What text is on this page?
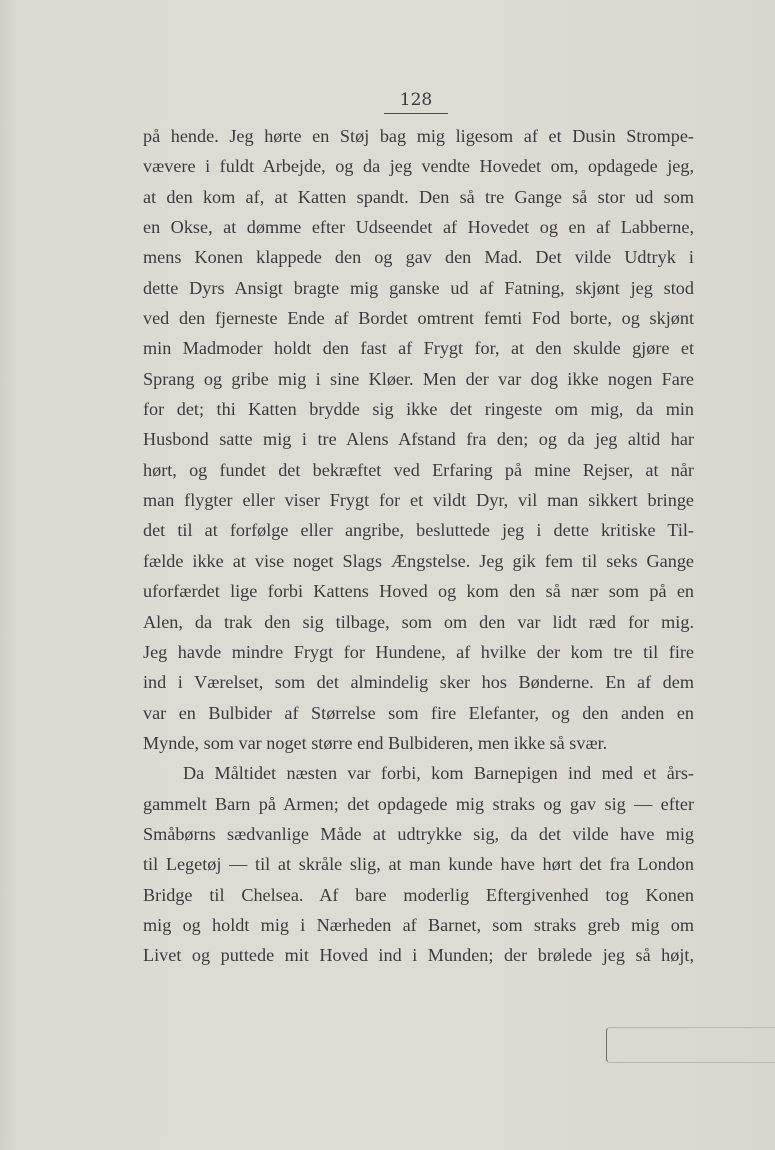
128
på hende. Jeg hørte en Støj bag mig ligesom af et Dusin Strompe-
vævere i fuldt Arbejde, og da jeg vendte Hovedet om, opdagede jeg,
at den kom af, at Katten spandt. Den så tre Gange så stor ud som
en Okse, at dømme efter Udseendet af Hovedet og en af Labberne,
mens Konen klappede den og gav den Mad. Det vilde Udtryk i
dette Dyrs Ansigt bragte mig ganske ud af Fatning, skjønt jeg stod
ved den fjerneste Ende af Bordet omtrent femti Fod borte, og skjønt
min Madmoder holdt den fast af Frygt for, at den skulde gjøre et
Sprang og gribe mig i sine Kløer. Men der var dog ikke nogen Fare
for det; thi Katten brydde sig ikke det ringeste om mig, da min
Husbond satte mig i tre Alens Afstand fra den; og da jeg altid har
hørt, og fundet det bekræftet ved Erfaring på mine Rejser, at når
man flygter eller viser Frygt for et vildt Dyr, vil man sikkert bringe
det til at forfølge eller angribe, besluttede jeg i dette kritiske Til-
fælde ikke at vise noget Slags Ængstelse. Jeg gik fem til seks Gange
uforfærdet lige forbi Kattens Hoved og kom den så nær som på en
Alen, da trak den sig tilbage, som om den var lidt ræd for mig.
Jeg havde mindre Frygt for Hundene, af hvilke der kom tre til fire
ind i Værelset, som det almindelig sker hos Bønderne. En af dem
var en Bulbider af Størrelse som fire Elefanter, og den anden en
Mynde, som var noget større end Bulbideren, men ikke så svær.
Da Måltidet næsten var forbi, kom Barnepigen ind med et års-
gammelt Barn på Armen; det opdagede mig straks og gav sig — efter
Småbørns sædvanlige Måde at udtrykke sig, da det vilde have mig
til Legetøj — til at skråle slig, at man kunde have hørt det fra London
Bridge til Chelsea. Af bare moderlig Eftergivenhed tog Konen
mig og holdt mig i Nærheden af Barnet, som straks greb mig om
Livet og puttede mit Hoved ind i Munden; der brølede jeg så højt,
